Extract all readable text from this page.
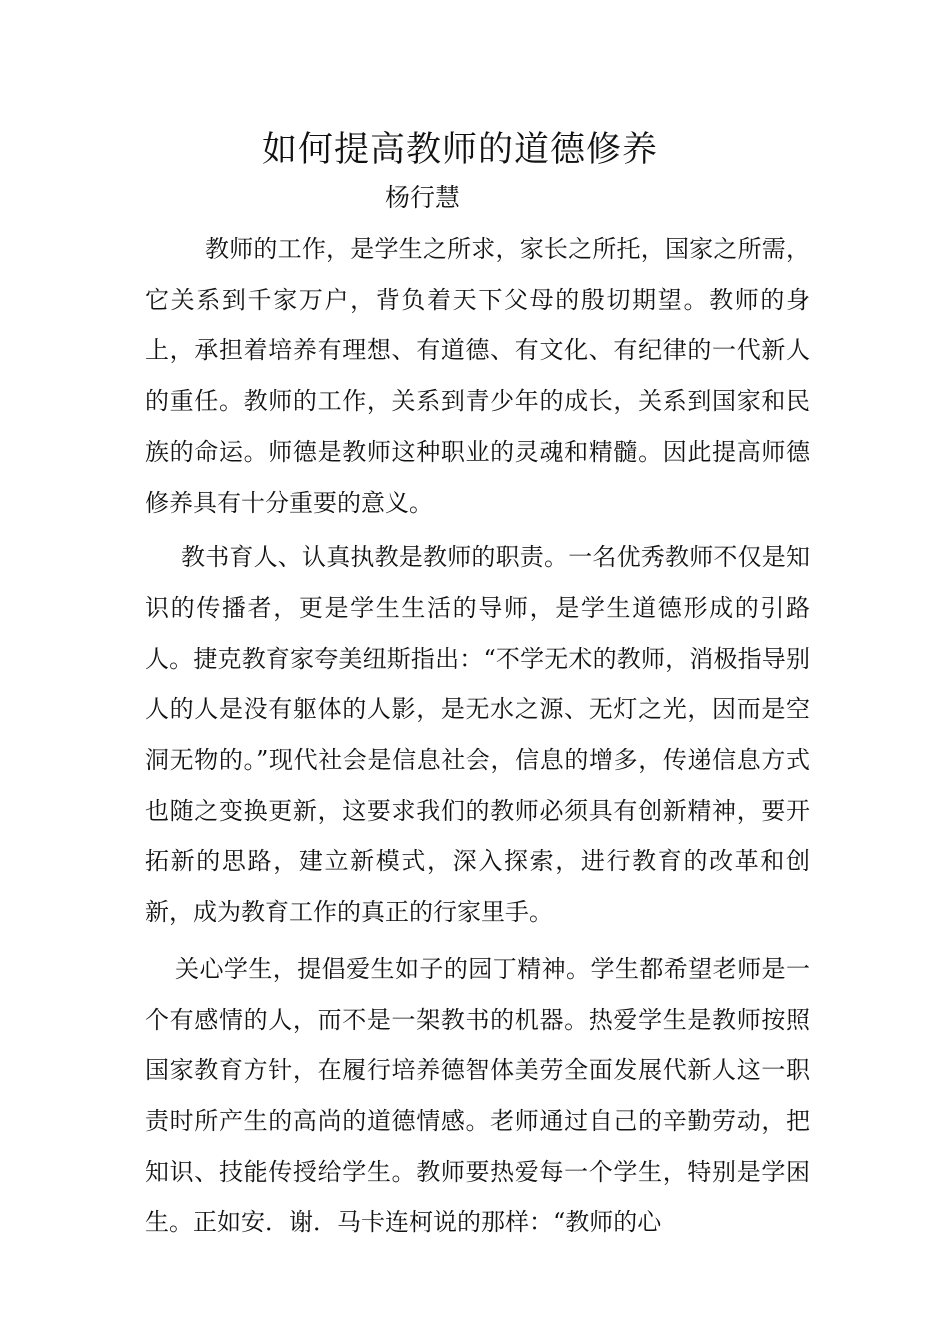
如何提高教师的道德修养

杨行慧

教师的工作，是学生之所求，家长之所托，国家之所需，它关系到千家万户，背负着天下父母的殷切期望。教师的身上，承担着培养有理想、有道德、有文化、有纪律的一代新人的重任。教师的工作，关系到青少年的成长，关系到国家和民族的命运。师德是教师这种职业的灵魂和精髓。因此提高师德修养具有十分重要的意义。

教书育人、认真执教是教师的职责。一名优秀教师不仅是知识的传播者，更是学生生活的导师，是学生道德形成的引路人。捷克教育家夸美纽斯指出：“不学无术的教师，消极指导别人的人是没有躯体的人影，是无水之源、无灯之光，因而是空洞无物的。”现代社会是信息社会，信息的增多，传递信息方式也随之变换更新，这要求我们的教师必须具有创新精神，要开拓新的思路，建立新模式，深入探索，进行教育的改革和创新，成为教育工作的真正的行家里手。

关心学生，提倡爱生如子的园丁精神。学生都希望老师是一个有感情的人，而不是一架教书的机器。热爱学生是教师按照国家教育方针，在履行培养德智体美劳全面发展代新人这一职责时所产生的高尚的道德情感。老师通过自己的辛勤劳动，把知识、技能传授给学生。教师要热爱每一个学生，特别是学困生。正如安．谢．马卡连柯说的那样：“教师的心
